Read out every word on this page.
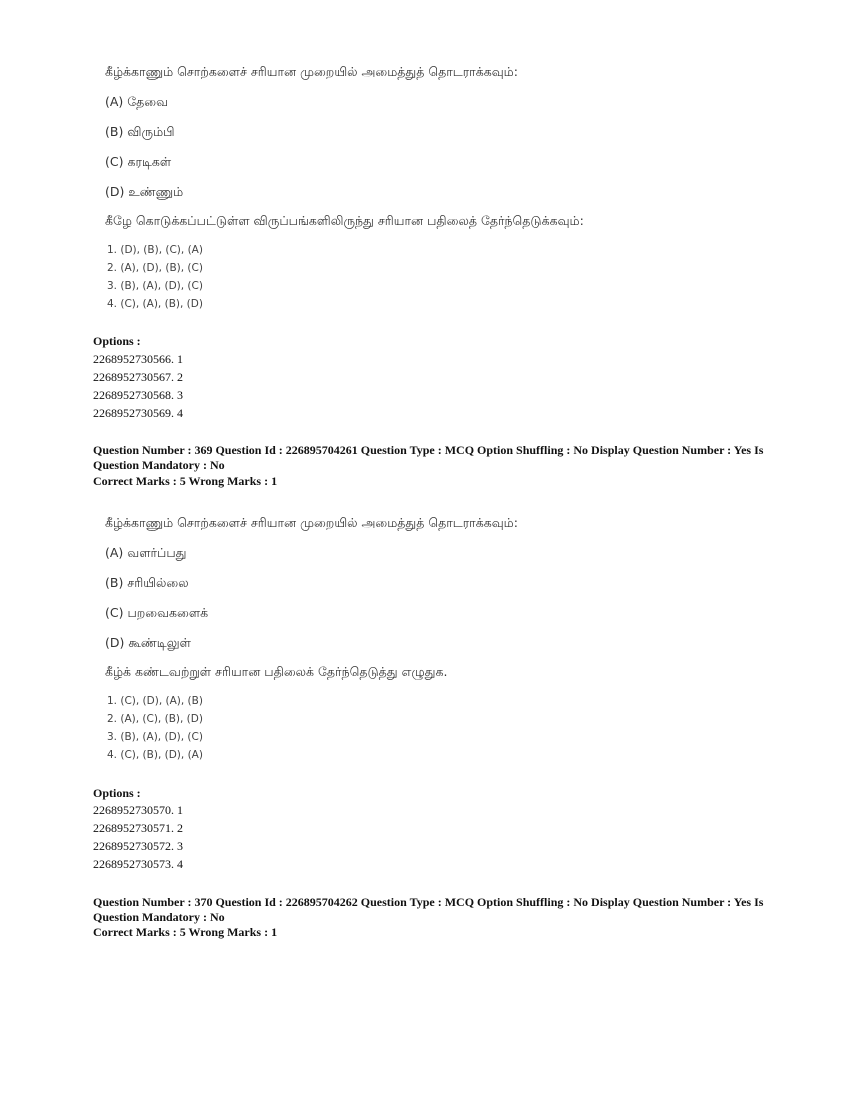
கீழ்க்காணும் சொற்களைச் சரியான முறையில் அமைத்துத் தொடராக்கவும்:
(A) தேவை
(B) விரும்பி
(C) கரடிகள்
(D) உண்ணும்
கீழே கொடுக்கப்பட்டுள்ள விருப்பங்களிலிருந்து சரியான பதிலைத் தேர்ந்தெடுக்கவும்:
1. (D), (B), (C), (A)
2. (A), (D), (B), (C)
3. (B), (A), (D), (C)
4. (C), (A), (B), (D)
Options :
2268952730566. 1
2268952730567. 2
2268952730568. 3
2268952730569. 4
Question Number : 369 Question Id : 226895704261 Question Type : MCQ Option Shuffling : No Display Question Number : Yes Is Question Mandatory : No
Correct Marks : 5 Wrong Marks : 1
கீழ்க்காணும் சொற்களைச் சரியான முறையில் அமைத்துத் தொடராக்கவும்:
(A) வளர்ப்பது
(B) சரியில்லை
(C) பறவைகளைக்
(D) கூண்டிலுள்
கீழ்க் கண்டவற்றுள் சரியான பதிலைக் தேர்ந்தெடுத்து எழுதுக.
1. (C), (D), (A), (B)
2. (A), (C), (B), (D)
3. (B), (A), (D), (C)
4. (C), (B), (D), (A)
Options :
2268952730570. 1
2268952730571. 2
2268952730572. 3
2268952730573. 4
Question Number : 370 Question Id : 226895704262 Question Type : MCQ Option Shuffling : No Display Question Number : Yes Is Question Mandatory : No
Correct Marks : 5 Wrong Marks : 1
